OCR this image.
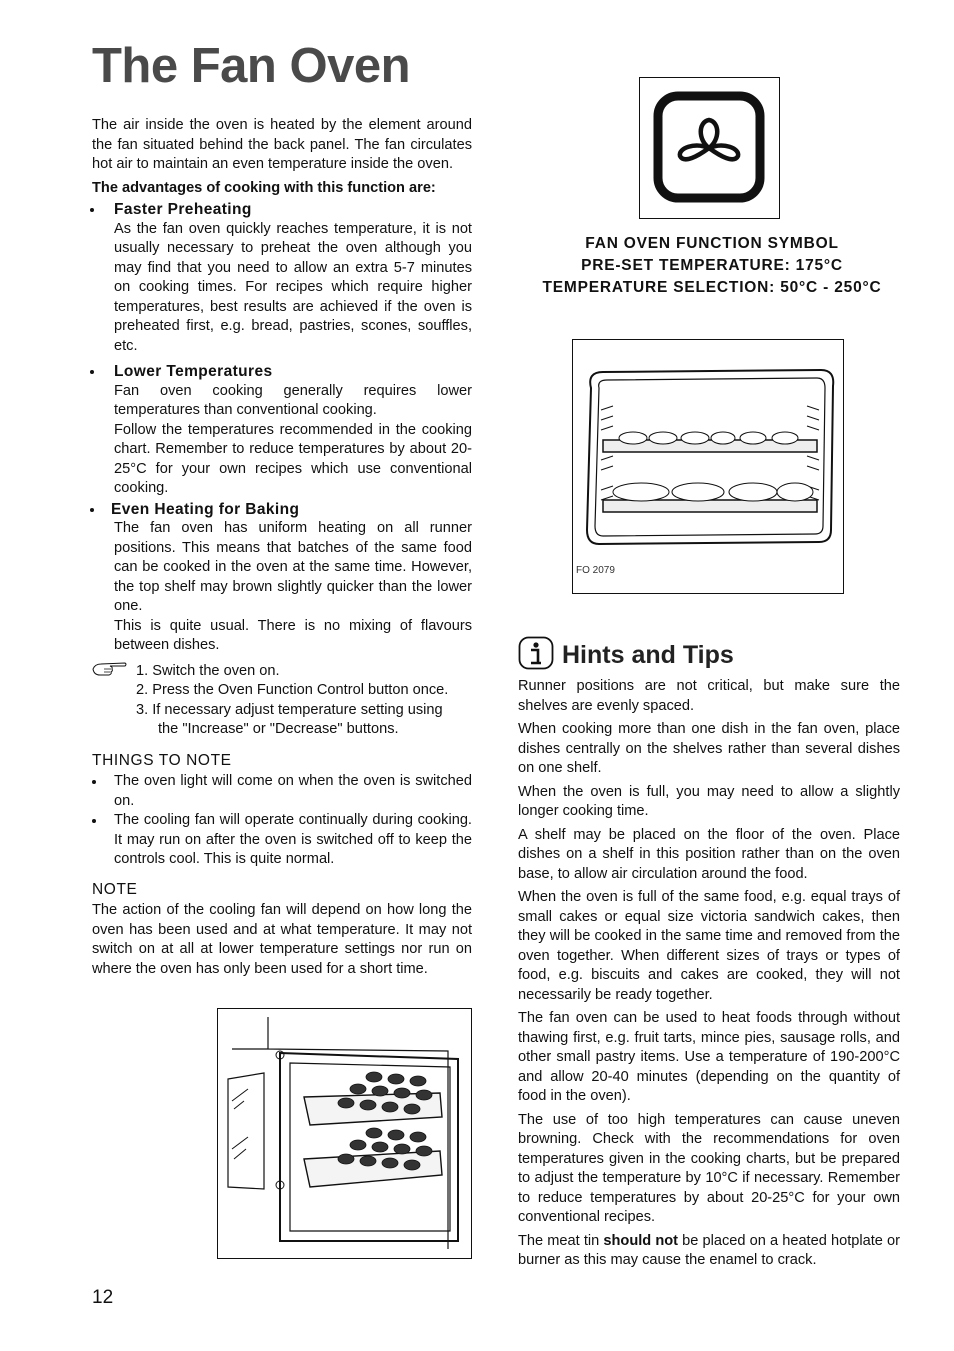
The Fan Oven

The air inside the oven is heated by the element around the fan situated behind the back panel. The fan circulates hot air to maintain an even temperature inside the oven.

The advantages of cooking with this function are:

Faster Preheating

As the fan oven quickly reaches temperature, it is not usually necessary to preheat the oven although you may find that you need to allow an extra 5-7 minutes on cooking times. For recipes which require higher temperatures, best results are achieved if the oven is preheated first, e.g. bread, pastries, scones, souffles, etc.

Lower Temperatures

Fan oven cooking generally requires lower temperatures than conventional cooking.

Follow the temperatures recommended in the cooking chart. Remember to reduce temperatures by about 20-25°C for your own recipes which use conventional cooking.

Even Heating for Baking

The fan oven has uniform heating on all runner positions. This means that batches of the same food can be cooked in the oven at the same time. However, the top shelf may brown slightly quicker than the lower one.

This is quite usual. There is no mixing of flavours between dishes.

1. Switch the oven on.

2. Press the Oven Function Control button once.

3. If necessary adjust temperature setting using

the "Increase" or "Decrease" buttons.

THINGS TO NOTE

The oven light will come on when the oven is switched on.

The cooling fan will operate continually during cooking. It may run on after the oven is switched off to keep the controls cool. This is quite normal.

NOTE

The action of the cooling fan will depend on how long the oven has been used and at what temperature. It may not switch on at all at lower temperature settings nor run on where the oven has only been used for a short time.

FAN OVEN FUNCTION SYMBOL
PRE-SET TEMPERATURE: 175°C
TEMPERATURE SELECTION: 50°C - 250°C
FO 2079
Hints and Tips

Runner positions are not critical, but make sure the shelves are evenly spaced.

When cooking more than one dish in the fan oven, place dishes centrally on the shelves rather than several dishes on one shelf.

When the oven is full, you may need to allow a slightly longer cooking time.

A shelf may be placed on the floor of the oven. Place dishes on a shelf in this position rather than on the oven base, to allow air circulation around the food.

When the oven is full of the same food, e.g. equal trays of small cakes or equal size victoria sandwich cakes, then they will be cooked in the same time and removed from the oven together. When different sizes of trays or types of food, e.g. biscuits and cakes are cooked, they will not necessarily be ready together.

The fan oven can be used to heat foods through without thawing first, e.g. fruit tarts, mince pies, sausage rolls, and other small pastry items. Use a temperature of 190-200°C and allow 20-40 minutes (depending on the quantity of food in the oven).

The use of too high temperatures can cause uneven browning. Check with the recommendations for oven temperatures given in the cooking charts, but be prepared to adjust the temperature by 10°C if necessary. Remember to reduce temperatures by about 20-25°C for your own conventional recipes.

The meat tin should not be placed on a heated hotplate or burner as this may cause the enamel to crack.

12
